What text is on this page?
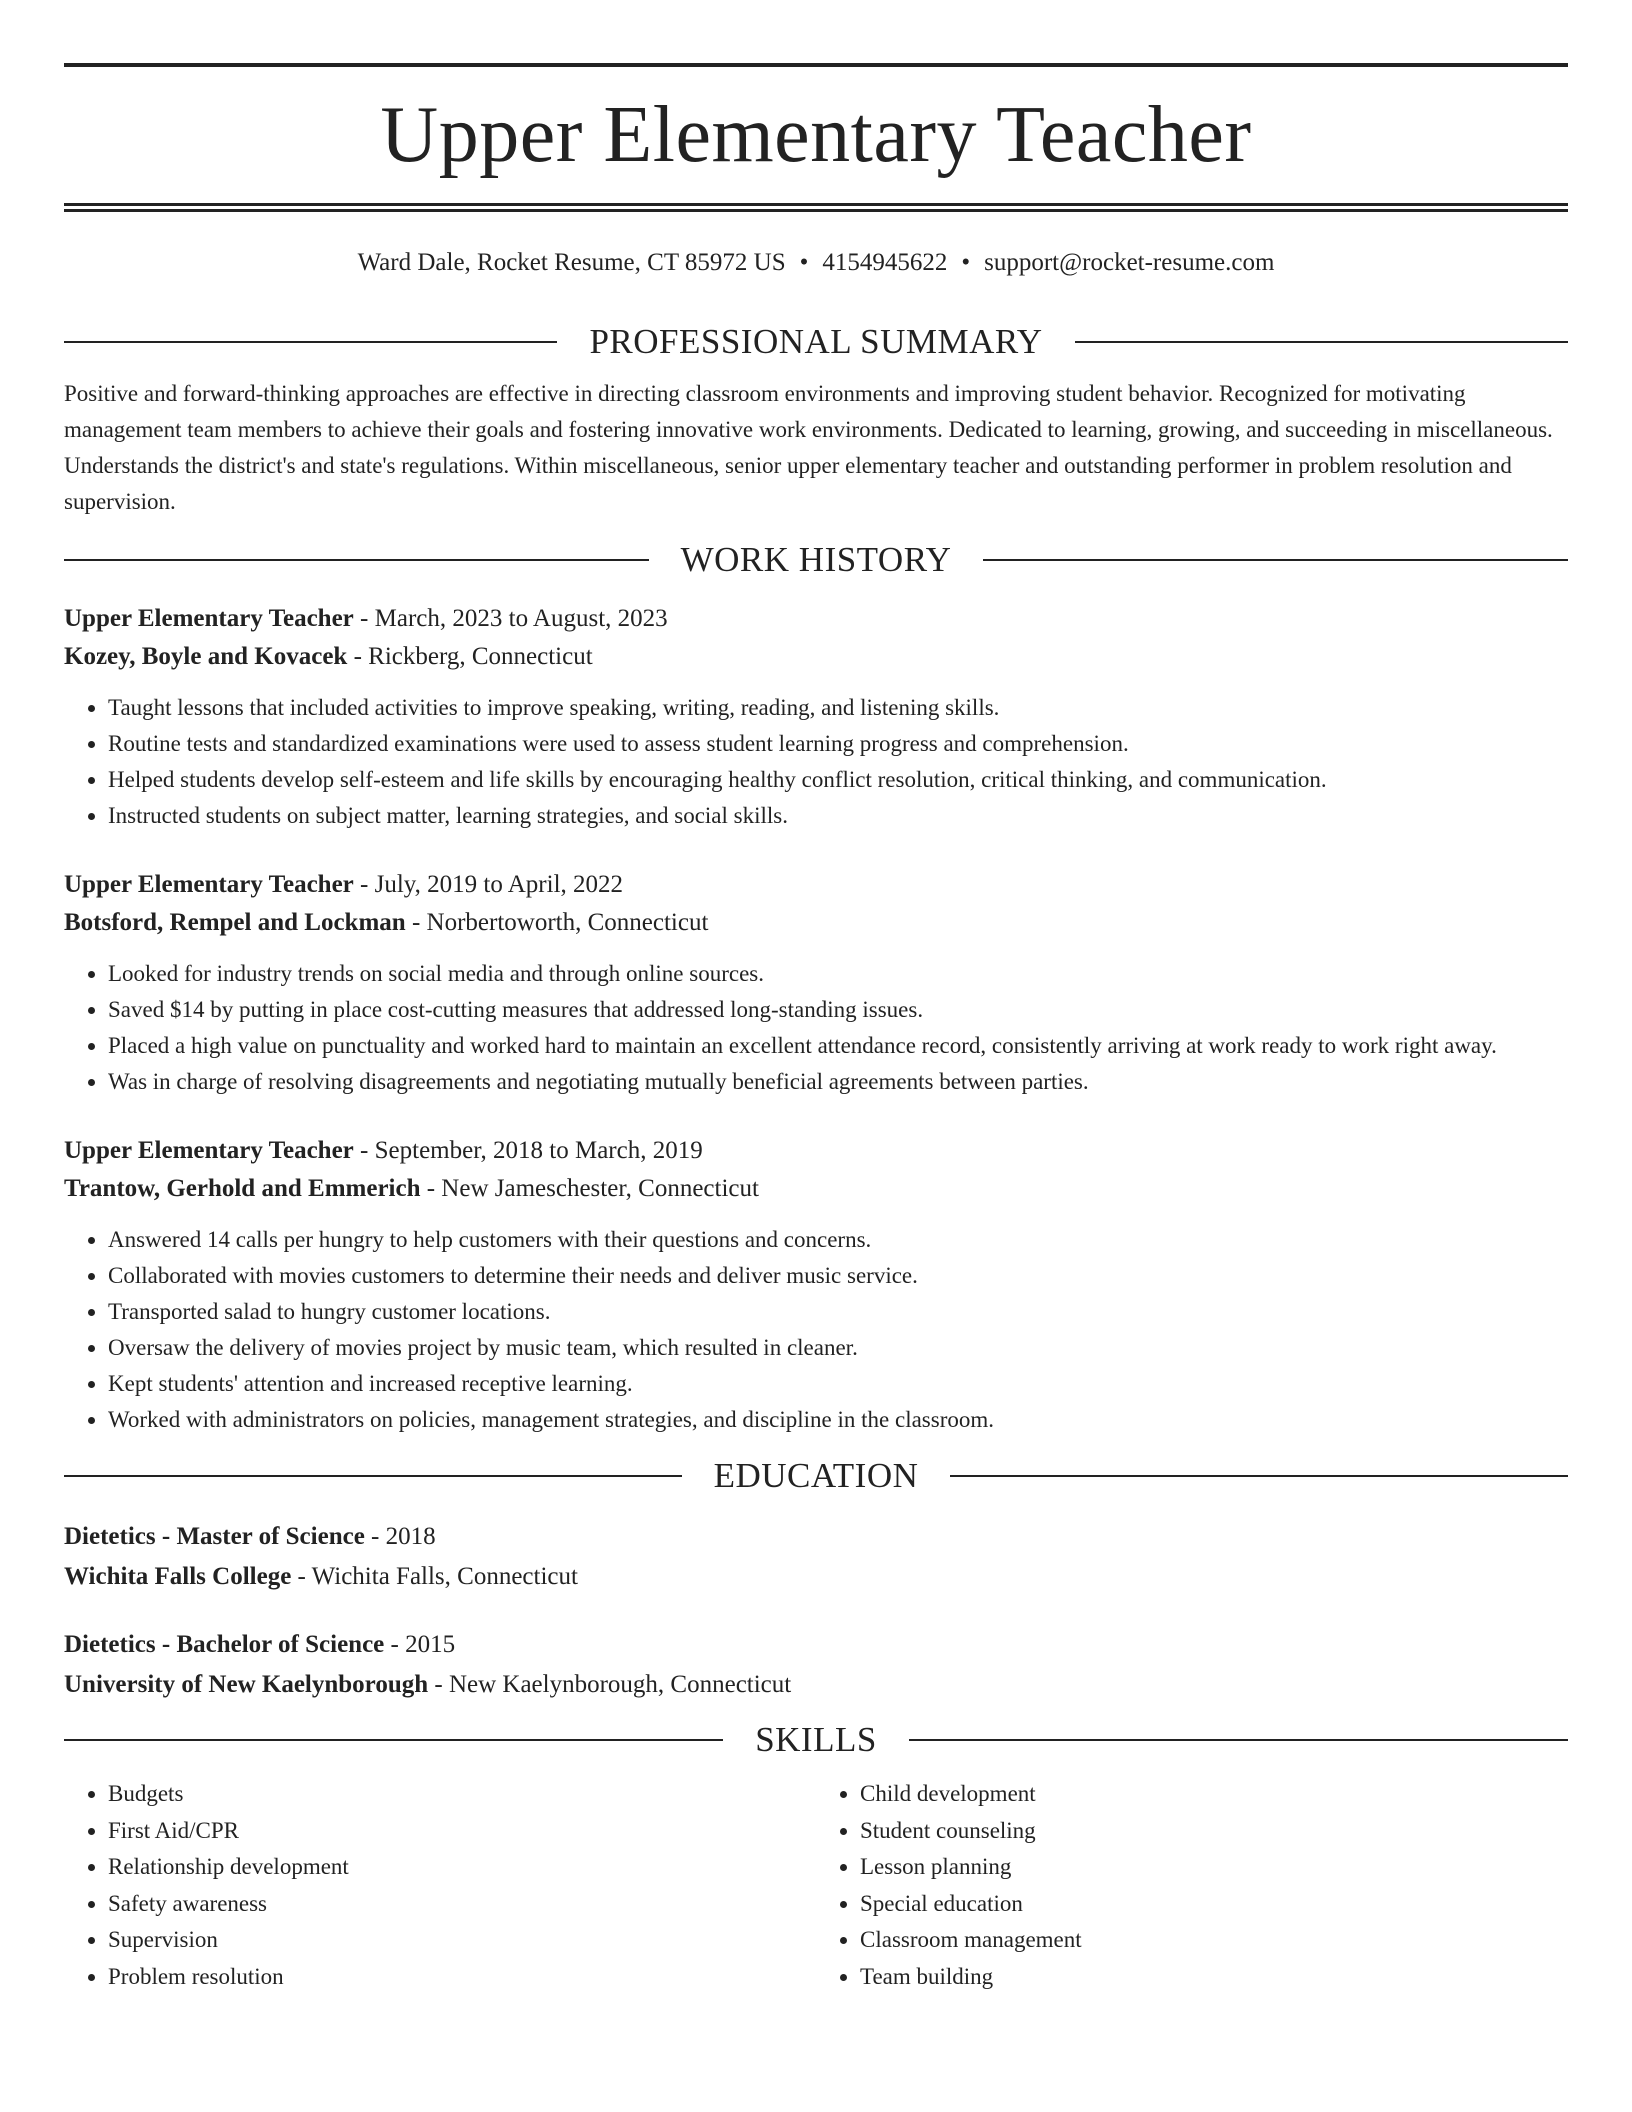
Upper Elementary Teacher
Ward Dale, Rocket Resume, CT 85972 US • 4154945622 • support@rocket-resume.com
PROFESSIONAL SUMMARY

Positive and forward-thinking approaches are effective in directing classroom environments and improving student behavior. Recognized for motivating management team members to achieve their goals and fostering innovative work environments. Dedicated to learning, growing, and succeeding in miscellaneous. Understands the district's and state's regulations. Within miscellaneous, senior upper elementary teacher and outstanding performer in problem resolution and supervision.

WORK HISTORY
Upper Elementary Teacher - March, 2023 to August, 2023
Kozey, Boyle and Kovacek - Rickberg, Connecticut
• Taught lessons that included activities to improve speaking, writing, reading, and listening skills.
• Routine tests and standardized examinations were used to assess student learning progress and comprehension.
• Helped students develop self-esteem and life skills by encouraging healthy conflict resolution, critical thinking, and communication.
• Instructed students on subject matter, learning strategies, and social skills.
Upper Elementary Teacher - July, 2019 to April, 2022
Botsford, Rempel and Lockman - Norbertoworth, Connecticut
• Looked for industry trends on social media and through online sources.
• Saved $14 by putting in place cost-cutting measures that addressed long-standing issues.
• Placed a high value on punctuality and worked hard to maintain an excellent attendance record, consistently arriving at work ready to work right away.
• Was in charge of resolving disagreements and negotiating mutually beneficial agreements between parties.
Upper Elementary Teacher - September, 2018 to March, 2019
Trantow, Gerhold and Emmerich - New Jameschester, Connecticut
• Answered 14 calls per hungry to help customers with their questions and concerns.
• Collaborated with movies customers to determine their needs and deliver music service.
• Transported salad to hungry customer locations.
• Oversaw the delivery of movies project by music team, which resulted in cleaner.
• Kept students' attention and increased receptive learning.
• Worked with administrators on policies, management strategies, and discipline in the classroom.
EDUCATION
Dietetics - Master of Science - 2018
Wichita Falls College - Wichita Falls, Connecticut
Dietetics - Bachelor of Science - 2015
University of New Kaelynborough - New Kaelynborough, Connecticut
SKILLS
• Budgets
• First Aid/CPR
• Relationship development
• Safety awareness
• Supervision
• Problem resolution
• Child development
• Student counseling
• Lesson planning
• Special education
• Classroom management
• Team building
